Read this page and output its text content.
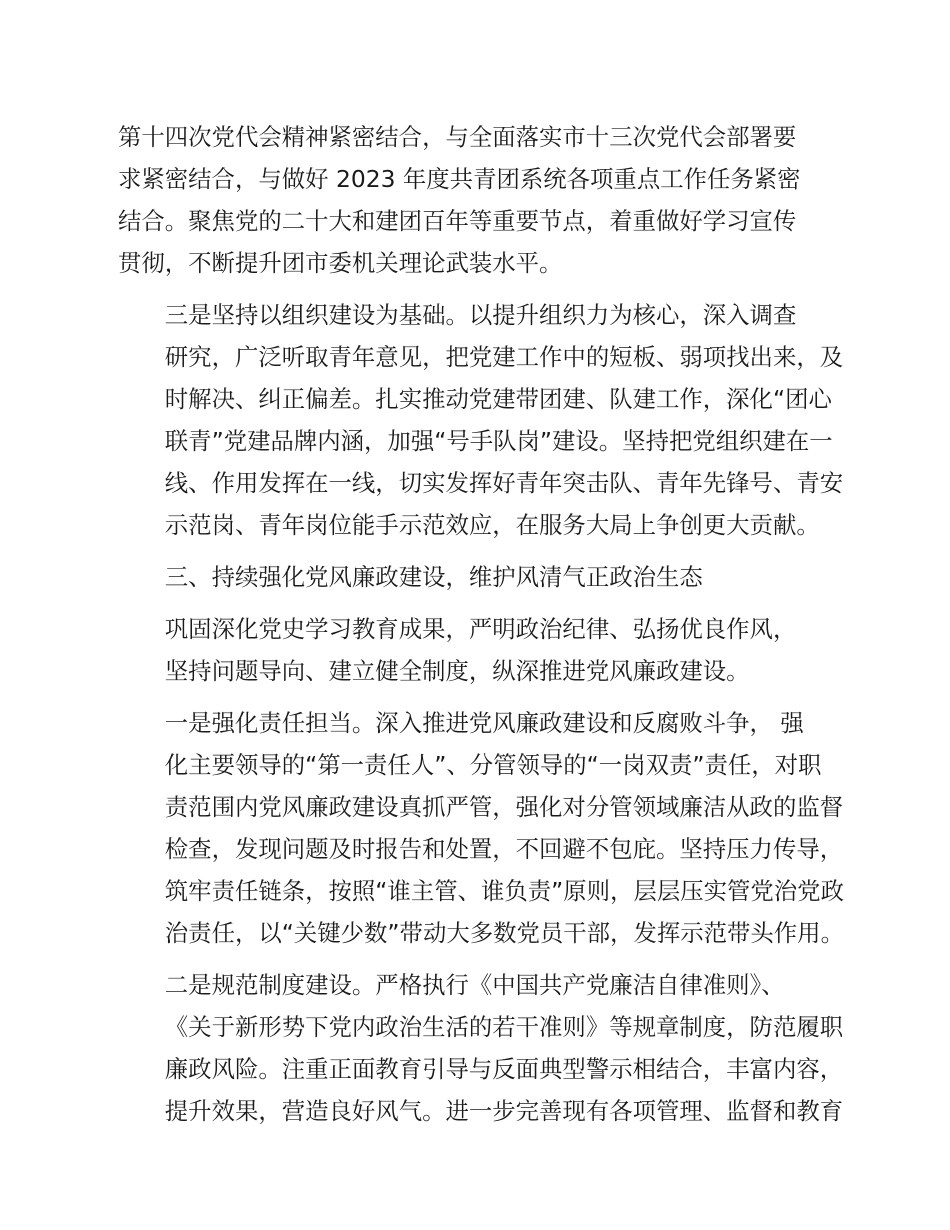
第十四次党代会精神紧密结合，与全面落实市十三次党代会部署要
求紧密结合，与做好 2023 年度共青团系统各项重点工作任务紧密
结合。聚焦党的二十大和建团百年等重要节点，着重做好学习宣传
贯彻，不断提升团市委机关理论武装水平。

三是坚持以组织建设为基础。以提升组织力为核心，深入调查
研究，广泛听取青年意见，把党建工作中的短板、弱项找出来，及
时解决、纠正偏差。扎实推动党建带团建、队建工作，深化“团心
联青”党建品牌内涵，加强“号手队岗”建设。坚持把党组织建在一
线、作用发挥在一线，切实发挥好青年突击队、青年先锋号、青安
示范岗、青年岗位能手示范效应，在服务大局上争创更大贡献。

三、持续强化党风廉政建设，维护风清气正政治生态

巩固深化党史学习教育成果，严明政治纪律、弘扬优良作风，
坚持问题导向、建立健全制度，纵深推进党风廉政建设。

一是强化责任担当。深入推进党风廉政建设和反腐败斗争， 强
化主要领导的“第一责任人”、分管领导的“一岗双责”责任，对职
责范围内党风廉政建设真抓严管，强化对分管领域廉洁从政的监督
检查，发现问题及时报告和处置，不回避不包庇。坚持压力传导，
筑牢责任链条，按照“谁主管、谁负责”原则，层层压实管党治党政
治责任，以“关键少数”带动大多数党员干部，发挥示范带头作用。

二是规范制度建设。严格执行《中国共产党廉洁自律准则》、
《关于新形势下党内政治生活的若干准则》等规章制度，防范履职
廉政风险。注重正面教育引导与反面典型警示相结合，丰富内容，
提升效果，营造良好风气。进一步完善现有各项管理、监督和教育
